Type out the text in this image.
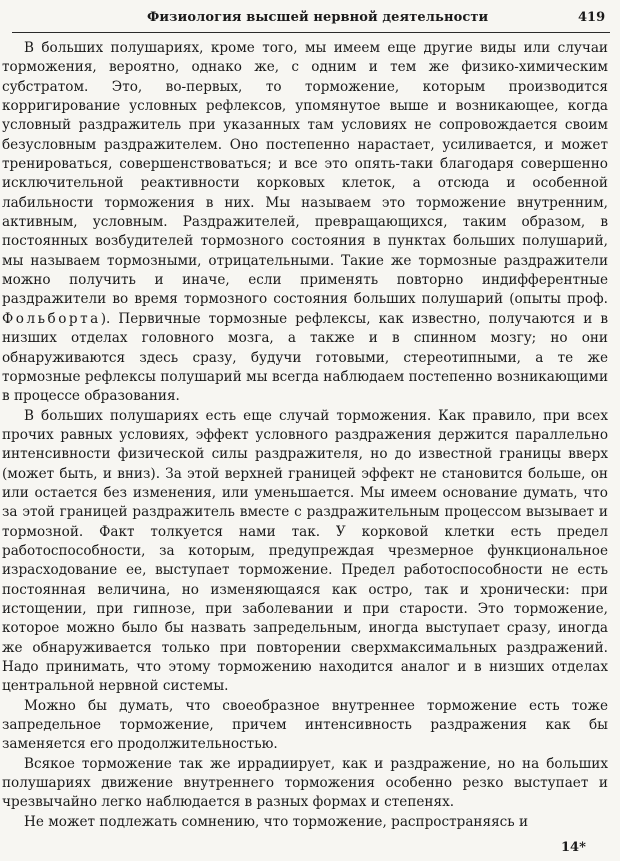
Физиология высшей нервной деятельности	419

В больших полушариях, кроме того, мы имеем еще другие виды или случаи торможения, вероятно, однако же, с одним и тем же физико-химическим субстратом. Это, во-первых, то торможение, которым производится корригирование условных рефлексов, упомянутое выше и возникающее, когда условный раздражитель при указанных там условиях не сопровождается своим безусловным раздражителем. Оно постепенно нарастает, усиливается, и может тренироваться, совершенствоваться; и все это опять-таки благодаря совершенно исключительной реактивности корковых клеток, а отсюда и особенной лабильности торможения в них. Мы называем это торможение внутренним, активным, условным. Раздражителей, превращающихся, таким образом, в постоянных возбудителей тормозного состояния в пунктах больших полушарий, мы называем тормозными, отрицательными. Такие же тормозные раздражители можно получить и иначе, если применять повторно индифферентные раздражители во время тормозного состояния больших полушарий (опыты проф. Фольборта). Первичные тормозные рефлексы, как известно, получаются и в низших отделах головного мозга, а также и в спинном мозгу; но они обнаруживаются здесь сразу, будучи готовыми, стереотипными, а те же тормозные рефлексы полушарий мы всегда наблюдаем постепенно возникающими в процессе образования.

В больших полушариях есть еще случай торможения. Как правило, при всех прочих равных условиях, эффект условного раздражения держится параллельно интенсивности физической силы раздражителя, но до известной границы вверх (может быть, и вниз). За этой верхней границей эффект не становится больше, он или остается без изменения, или уменьшается. Мы имеем основание думать, что за этой границей раздражитель вместе с раздражительным процессом вызывает и тормозной. Факт толкуется нами так. У корковой клетки есть предел работоспособности, за которым, предупреждая чрезмерное функциональное израсходование ее, выступает торможение. Предел работоспособности не есть постоянная величина, но изменяющаяся как остро, так и хронически: при истощении, при гипнозе, при заболевании и при старости. Это торможение, которое можно было бы назвать запредельным, иногда выступает сразу, иногда же обнаруживается только при повторении сверхмаксимальных раздражений. Надо принимать, что этому торможению находится аналог и в низших отделах центральной нервной системы.

Можно бы думать, что своеобразное внутреннее торможение есть тоже запредельное торможение, причем интенсивность раздражения как бы заменяется его продолжительностью.

Всякое торможение так же иррадиирует, как и раздражение, но на больших полушариях движение внутреннего торможения особенно резко выступает и чрезвычайно легко наблюдается в разных формах и степенях.

Не может подлежать сомнению, что торможение, распространяясь и

14*
